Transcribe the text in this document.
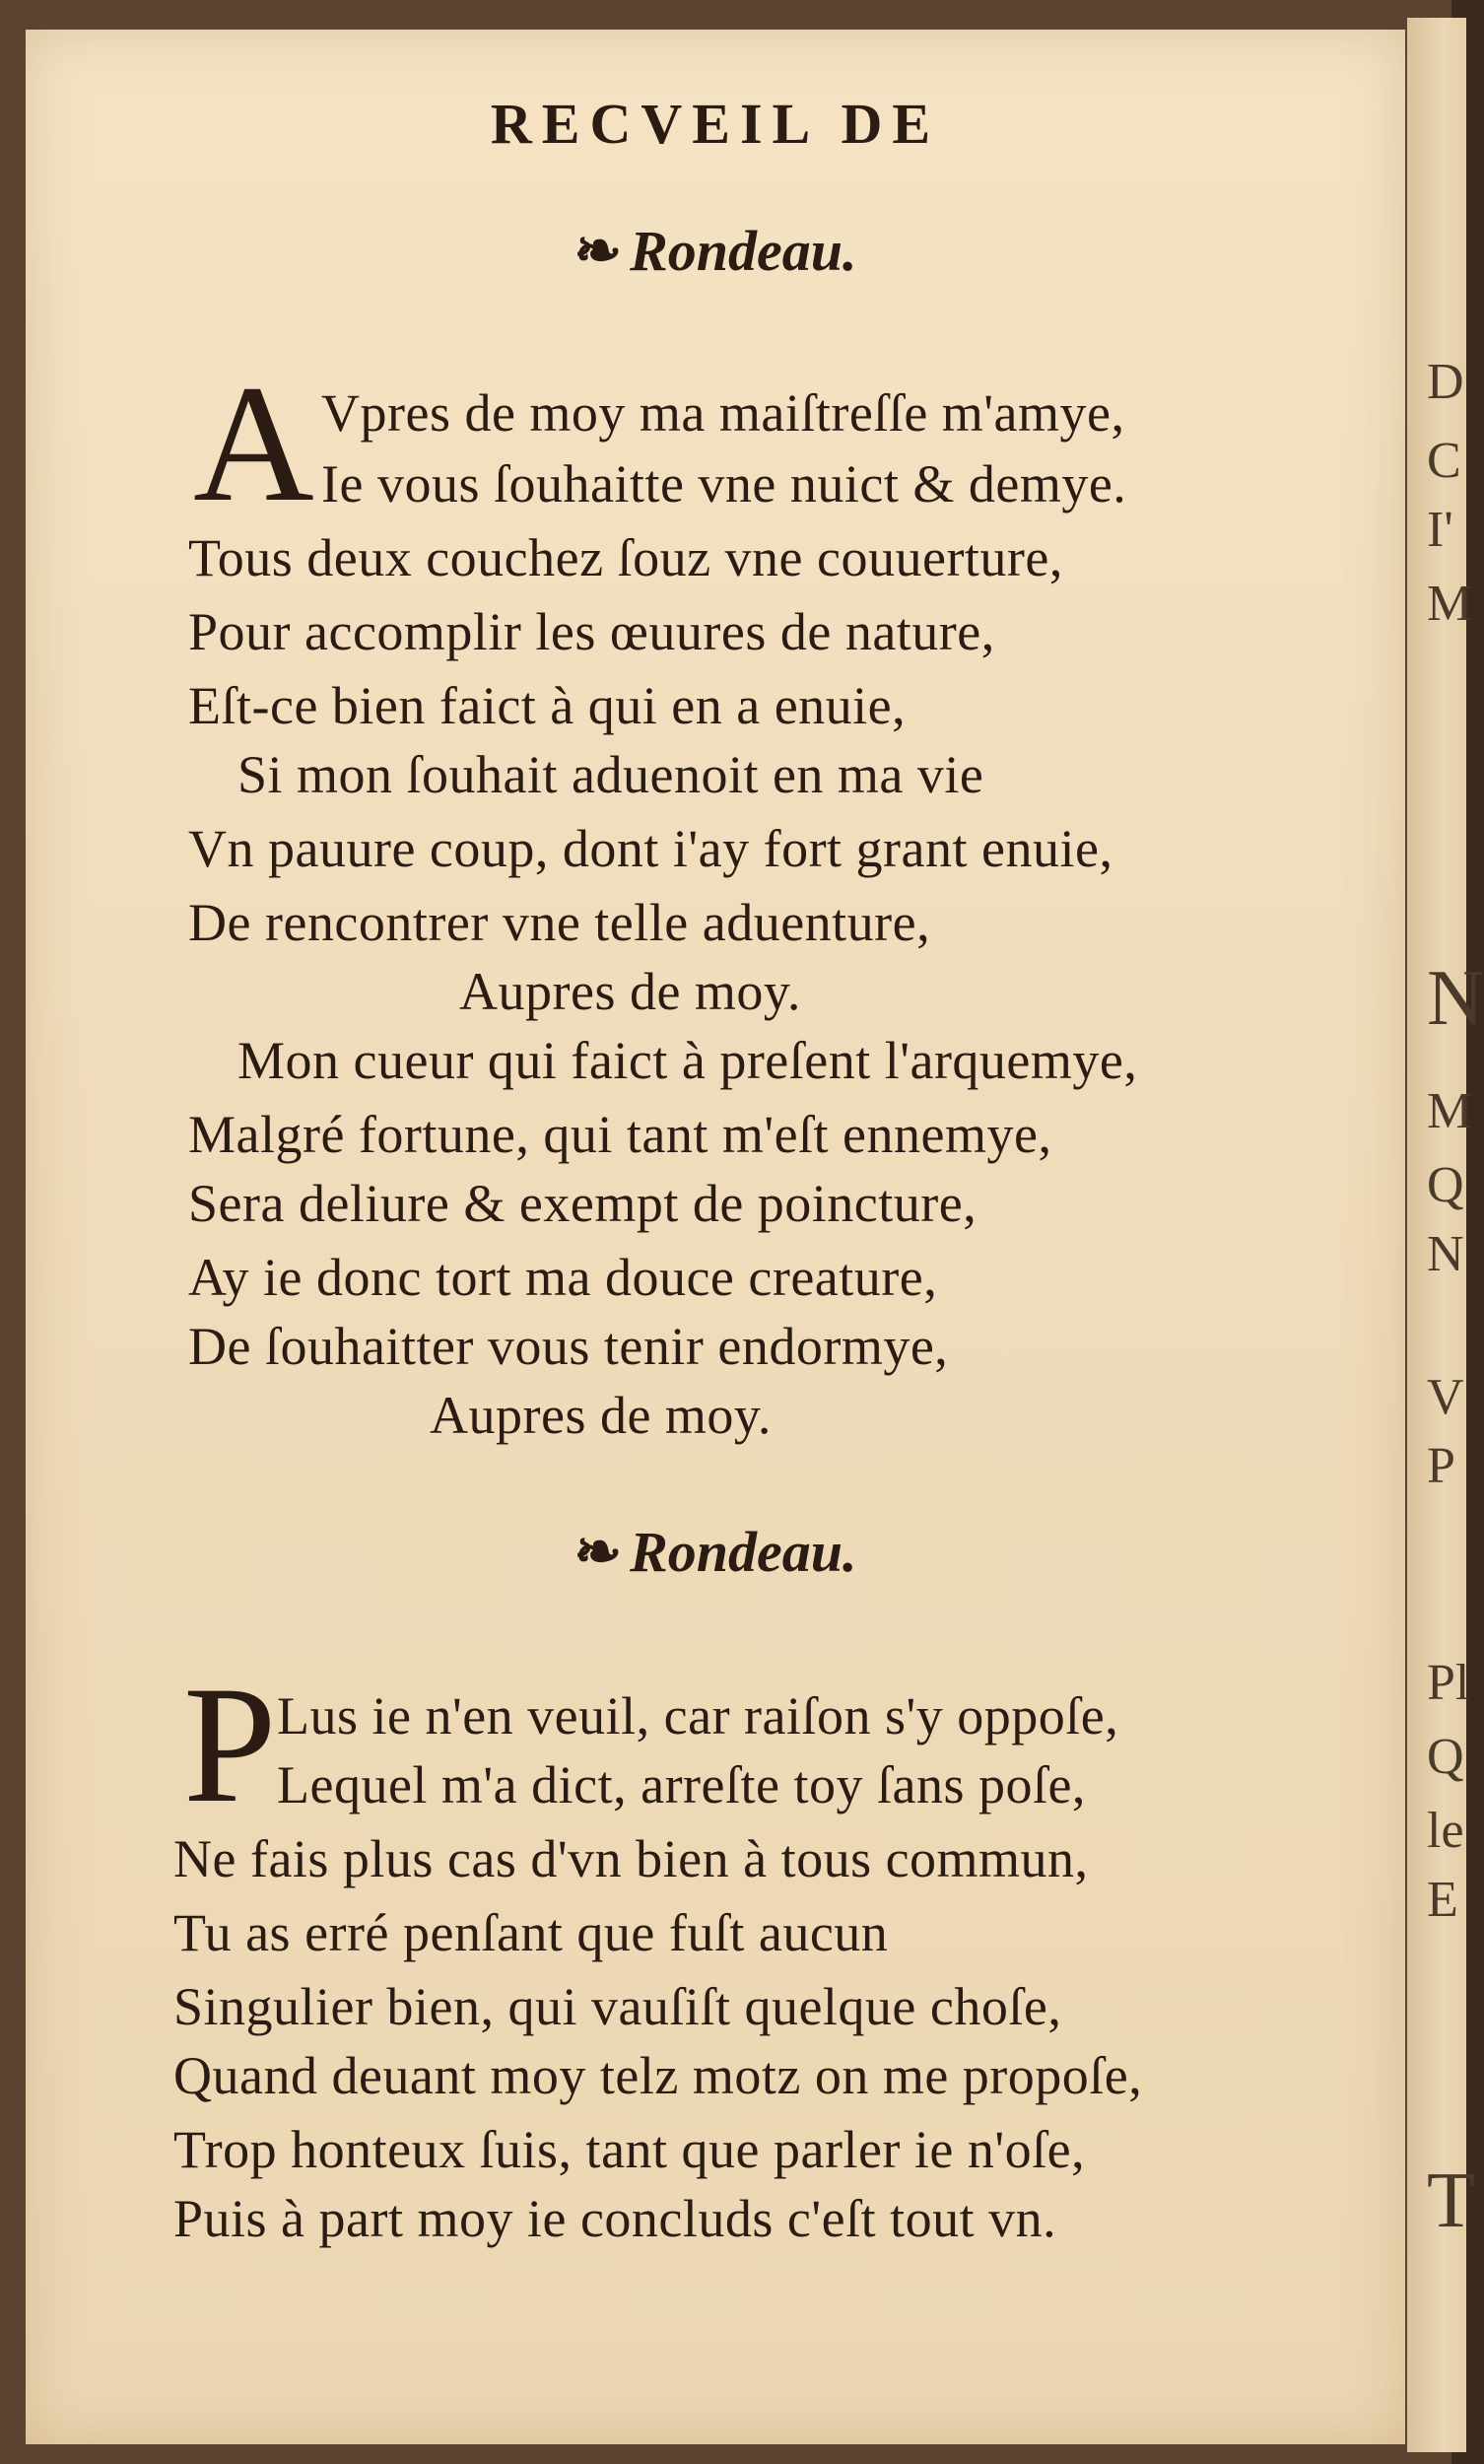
RECVEIL DE
❧ Rondeau.
A Vpres de moy ma maiſtreſſe m'amye,
Ie vous ſouhaitte vne nuict & demye.
Tous deux couchez ſouz vne couuerture,
Pour accomplir les œuures de nature,
Eſt-ce bien faict à qui en a enuie,
Si mon ſouhait aduenoit en ma vie
Vn pauure coup, dont i'ay fort grant enuie,
De rencontrer vne telle aduenture,
Aupres de moy.
Mon cueur qui faict à preſent l'arquemye,
Malgré fortune, qui tant m'eſt ennemye,
Sera deliure & exempt de poincture,
Ay ie donc tort ma douce creature,
De ſouhaitter vous tenir endormye,
Aupres de moy.
❧ Rondeau.
P Lus ie n'en veuil, car raiſon s'y oppoſe,
Lequel m'a dict, arreſte toy ſans poſe,
Ne fais plus cas d'vn bien à tous commun,
Tu as erré penſant que fuſt aucun
Singulier bien, qui vauſiſt quelque choſe,
Quand deuant moy telz motz on me propoſe,
Trop honteux ſuis, tant que parler ie n'oſe,
Puis à part moy ie concluds c'eſt tout vn.
D
C
I'
M
N
M
Q
N
V
P
Pl
Q
le
E
T
